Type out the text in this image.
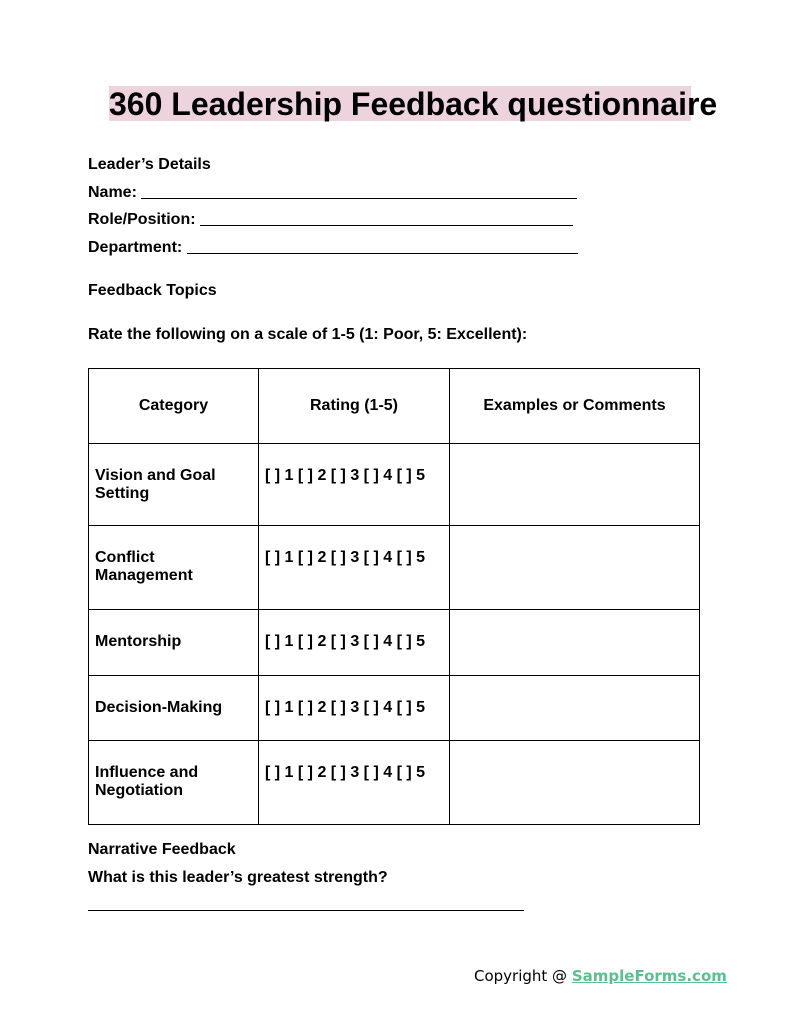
360 Leadership Feedback questionnaire
Leader’s Details
Name:
Role/Position:
Department:
Feedback Topics
Rate the following on a scale of 1-5 (1: Poor, 5: Excellent):
Category	Rating (1-5)	Examples or Comments
Vision and Goal Setting	[ ] 1 [ ] 2 [ ] 3 [ ] 4 [ ] 5	
Conflict Management	[ ] 1 [ ] 2 [ ] 3 [ ] 4 [ ] 5	
Mentorship	[ ] 1 [ ] 2 [ ] 3 [ ] 4 [ ] 5	
Decision-Making	[ ] 1 [ ] 2 [ ] 3 [ ] 4 [ ] 5	
Influence and Negotiation	[ ] 1 [ ] 2 [ ] 3 [ ] 4 [ ] 5	
Narrative Feedback
What is this leader’s greatest strength?
Copyright @ SampleForms.com
